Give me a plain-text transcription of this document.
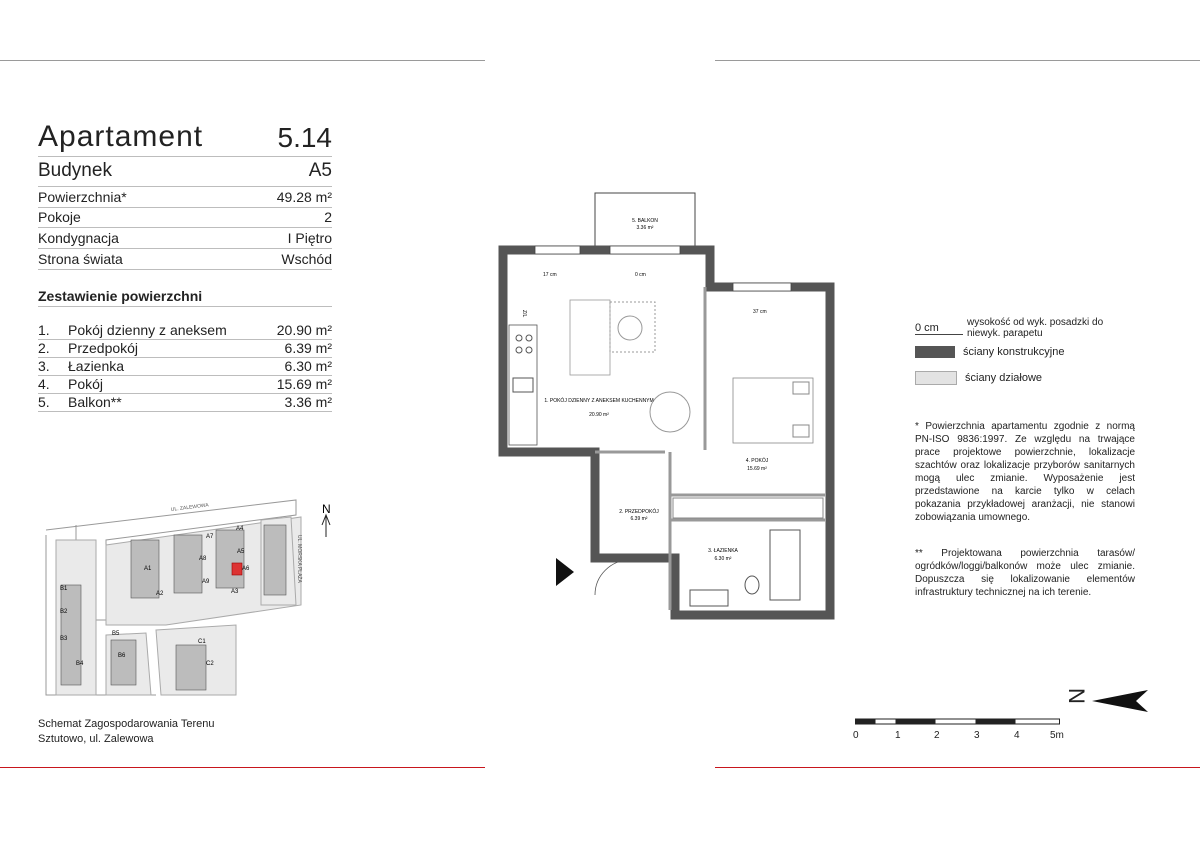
Apartament	5.14
Budynek	A5
Powierzchnia*	49.28 m²
Pokoje	2
Kondygnacja	I Piętro
Strona świata	Wschód
Zestawienie powierzchni
1. Pokój dzienny z aneksem	20.90 m²
2. Przedpokój	6.39 m²
3. Łazienka	6.30 m²
4. Pokój	15.69 m²
5. Balkon**	3.36 m²
UL. ZALEWOWA
UL. MORSKA PLAŻA
A4
A5
A6
A7
A8
A9
A1
A2	A3
B1
B2
B3
B4
B5
B6
C1
C2
N
Schemat Zagospodarowania Terenu
Sztutowo, ul. Zalewowa
5. BALKON
3.36 m²
17 cm	0 cm
37 cm
Z/L
1. POKÓJ DZIENNY Z ANEKSEM KUCHENNYM
20.90 m²
4. POKÓJ
15.69 m²
2. PRZEDPOKÓJ
6.39 m²
3. ŁAZIENKA
6.30 m²
0 cm	wysokość od wyk. posadzki do niewyk. parapetu
ściany konstrukcyjne
ściany działowe
* Powierzchnia apartamentu zgodnie z normą PN-ISO 9836:1997. Ze względu na trwające prace projektowe powierzchnie, lokalizacje szachtów oraz lokalizacje przyborów sanitarnych mogą ulec zmianie. Wyposażenie jest przedstawione na karcie tylko w celach pokazania przykładowej aranżacji, nie stanowi zobowiązania umownego.
** Projektowana powierzchnia tarasów/ ogródków/loggi/balkonów może ulec zmianie. Dopuszcza się lokalizowanie elementów infrastruktury technicznej na ich terenie.
N
0	1	2	3	4	5m
